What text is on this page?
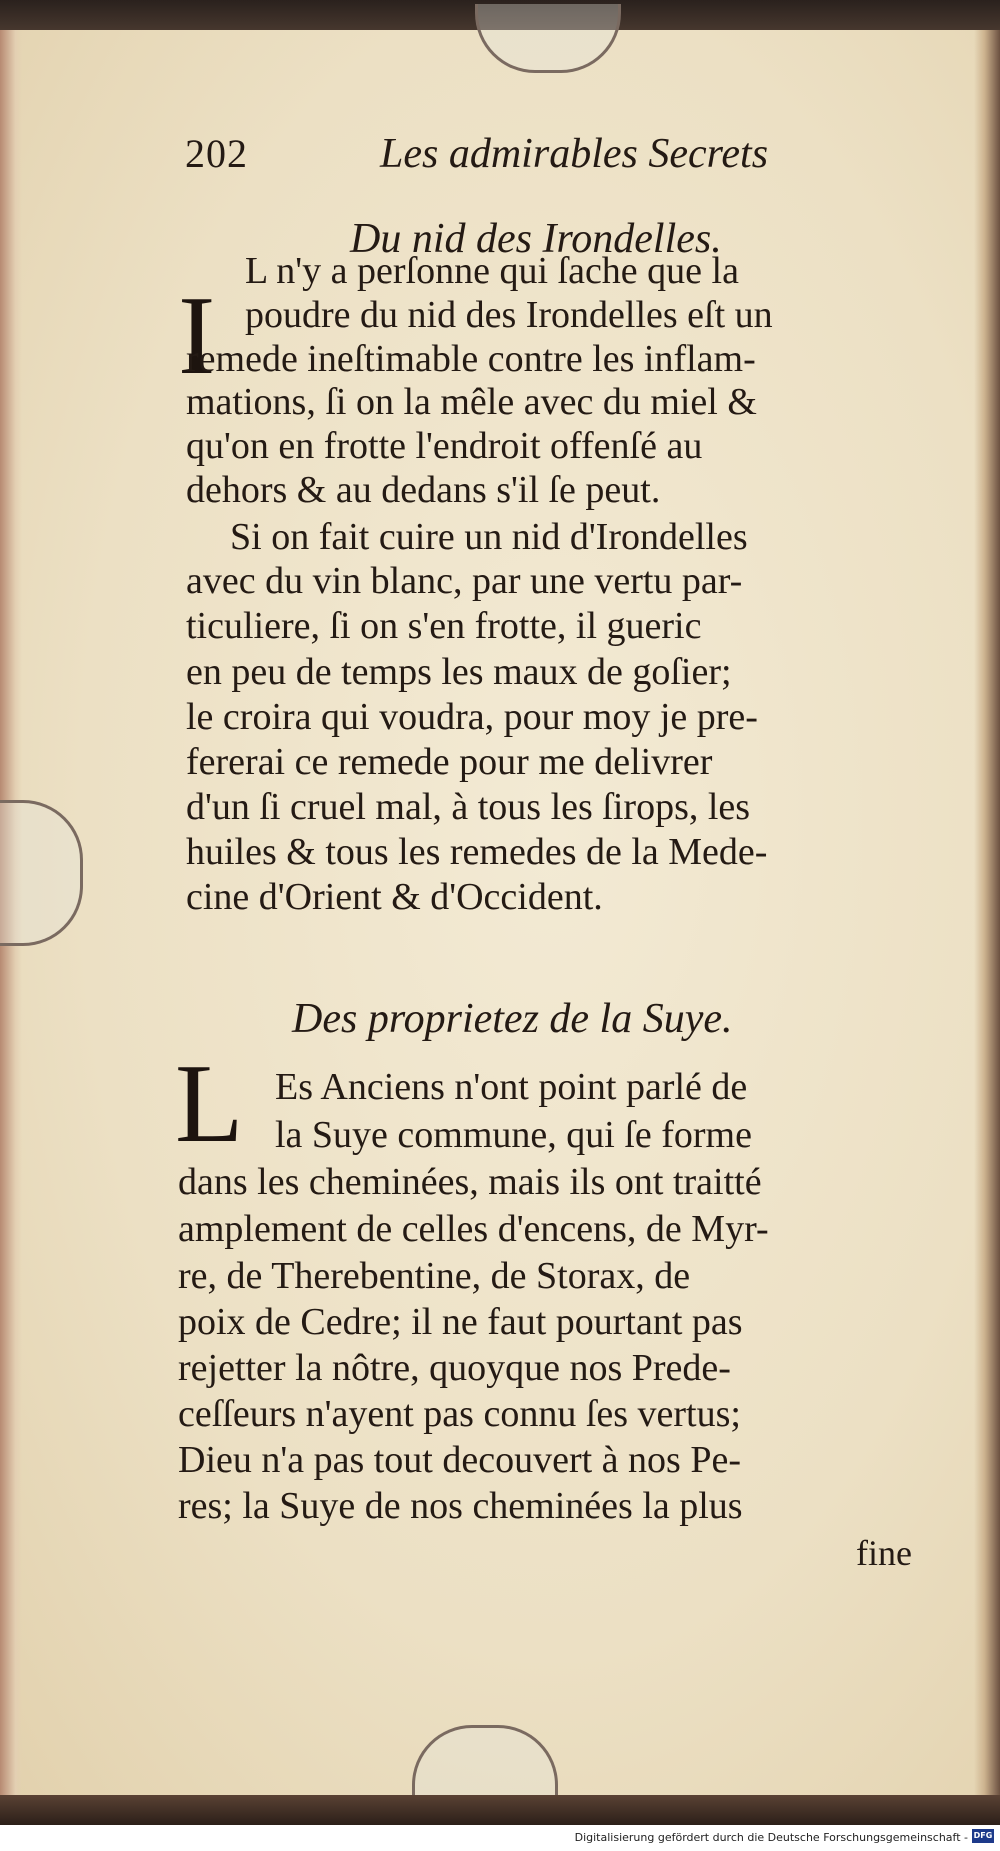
202	Les admirables Secrets
Du nid des Irondelles.
I
L n'y a perſonne qui ſache que la
poudre du nid des Irondelles eſt un
remede ineſtimable contre les inflam-
mations, ſi on la mêle avec du miel &
qu'on en frotte l'endroit offenſé au
dehors & au dedans s'il ſe peut.
Si on fait cuire un nid d'Irondelles
avec du vin blanc, par une vertu par-
ticuliere, ſi on s'en frotte, il gueric
en peu de temps les maux de goſier;
le croira qui voudra, pour moy je pre-
fererai ce remede pour me delivrer
d'un ſi cruel mal, à tous les ſirops, les
huiles & tous les remedes de la Mede-
cine d'Orient & d'Occident.
Des proprietez de la Suye.
L Es Anciens n'ont point parlé de
la Suye commune, qui ſe forme
dans les cheminées, mais ils ont traitté
amplement de celles d'encens, de Myr-
re, de Therebentine, de Storax, de
poix de Cedre; il ne faut pourtant pas
rejetter la nôtre, quoyque nos Prede-
ceſſeurs n'ayent pas connu ſes vertus;
Dieu n'a pas tout decouvert à nos Pe-
res; la Suye de nos cheminées la plus
fine
Digitalisierung gefördert durch die Deutsche Forschungsgemeinschaft - DFG
